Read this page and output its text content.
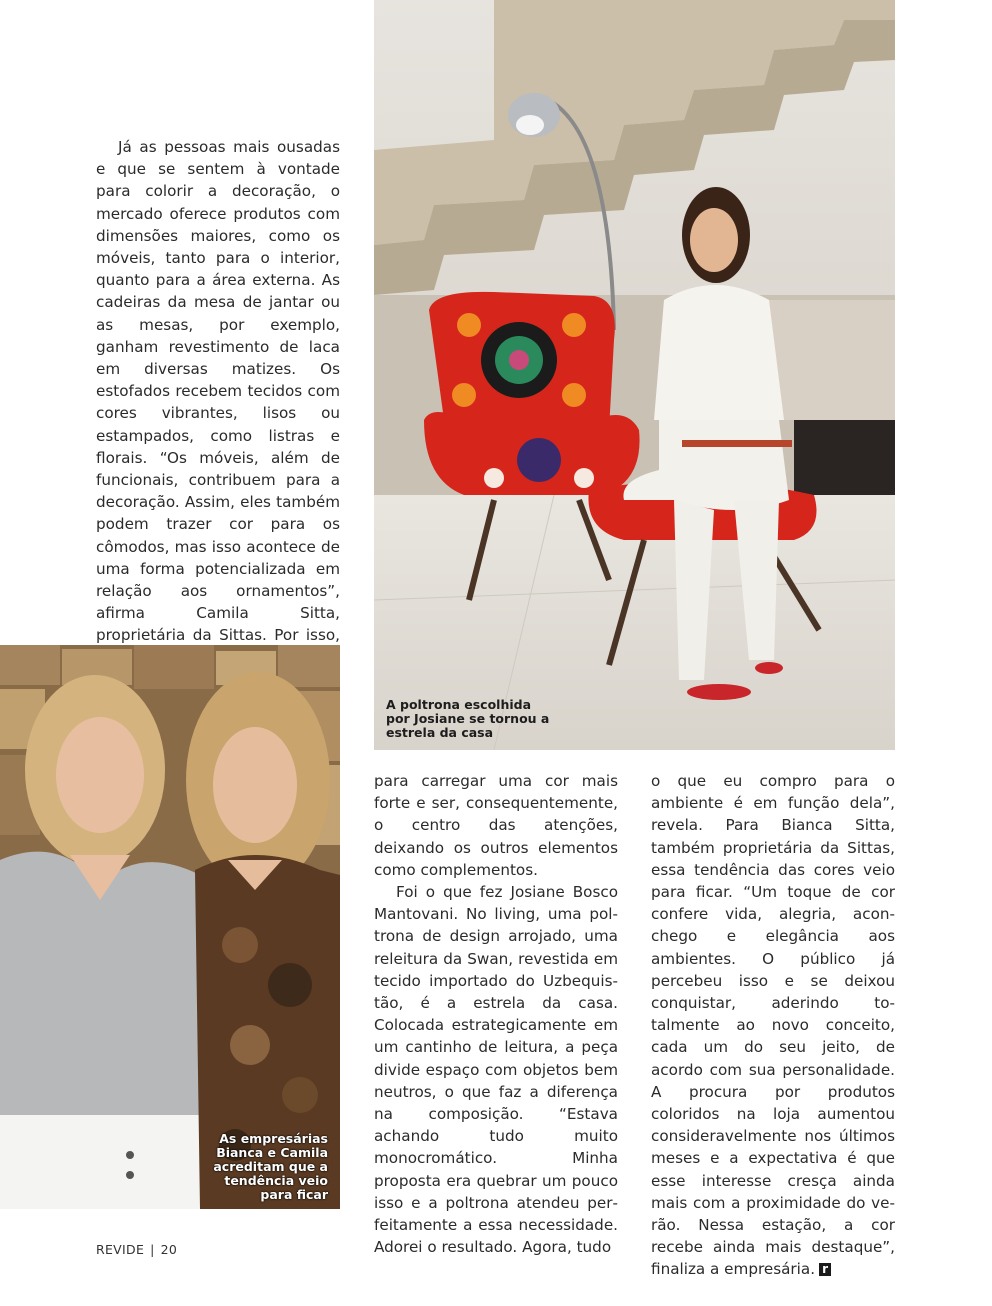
Já as pessoas mais ousadas e que se sentem à vontade para colorir a decoração, o mercado oferece produtos com dimensões maiores, como os móveis, tanto para o interior, quanto para a área externa. As cadeiras da mesa de jantar ou as mesas, por exemplo, ganham revestimento de laca em diversas matizes. Os estofados recebem tecidos com cores vibrantes, lisos ou estampados, como listras e florais. “Os móveis, além de funcionais, contribuem para a decoração. Assim, eles também podem trazer cor para os cômodos, mas isso acontece de uma forma potencializada em relação aos ornamentos”, afirma Camila Sitta, proprietária da Sittas. Por isso,

A poltrona escolhida por Josiane se tornou a estrela da casa
As empresárias Bianca e Camila acreditam que a tendência veio para ficar

para carregar uma cor mais forte e ser, consequentemente, o centro das atenções, deixando os outros elementos como complementos.

Foi o que fez Josiane Bosco Mantovani. No living, uma poltrona de design arrojado, uma releitura da Swan, revestida em tecido importado do Uzbequistão, é a estrela da casa. Colocada estrategicamente em um cantinho de leitura, a peça divide espaço com objetos bem neutros, o que faz a diferença na composição. “Estava achando tudo muito monocromático. Minha proposta era quebrar um pouco isso e a poltrona atendeu perfeitamente a essa necessidade. Adorei o resultado. Agora, tudo

o que eu compro para o ambiente é em função dela”, revela. Para Bianca Sitta, também proprietária da Sittas, essa tendência das cores veio para ficar. “Um toque de cor confere vida, alegria, aconchego e elegância aos ambientes. O público já percebeu isso e se deixou conquistar, aderindo totalmente ao novo conceito, cada um do seu jeito, de acordo com sua personalidade. A procura por produtos coloridos na loja aumentou consideravelmente nos últimos meses e a expectativa é que esse interesse cresça ainda mais com a proximidade do verão. Nessa estação, a cor recebe ainda mais destaque”, finaliza a empresária. r

REVIDE | 20
